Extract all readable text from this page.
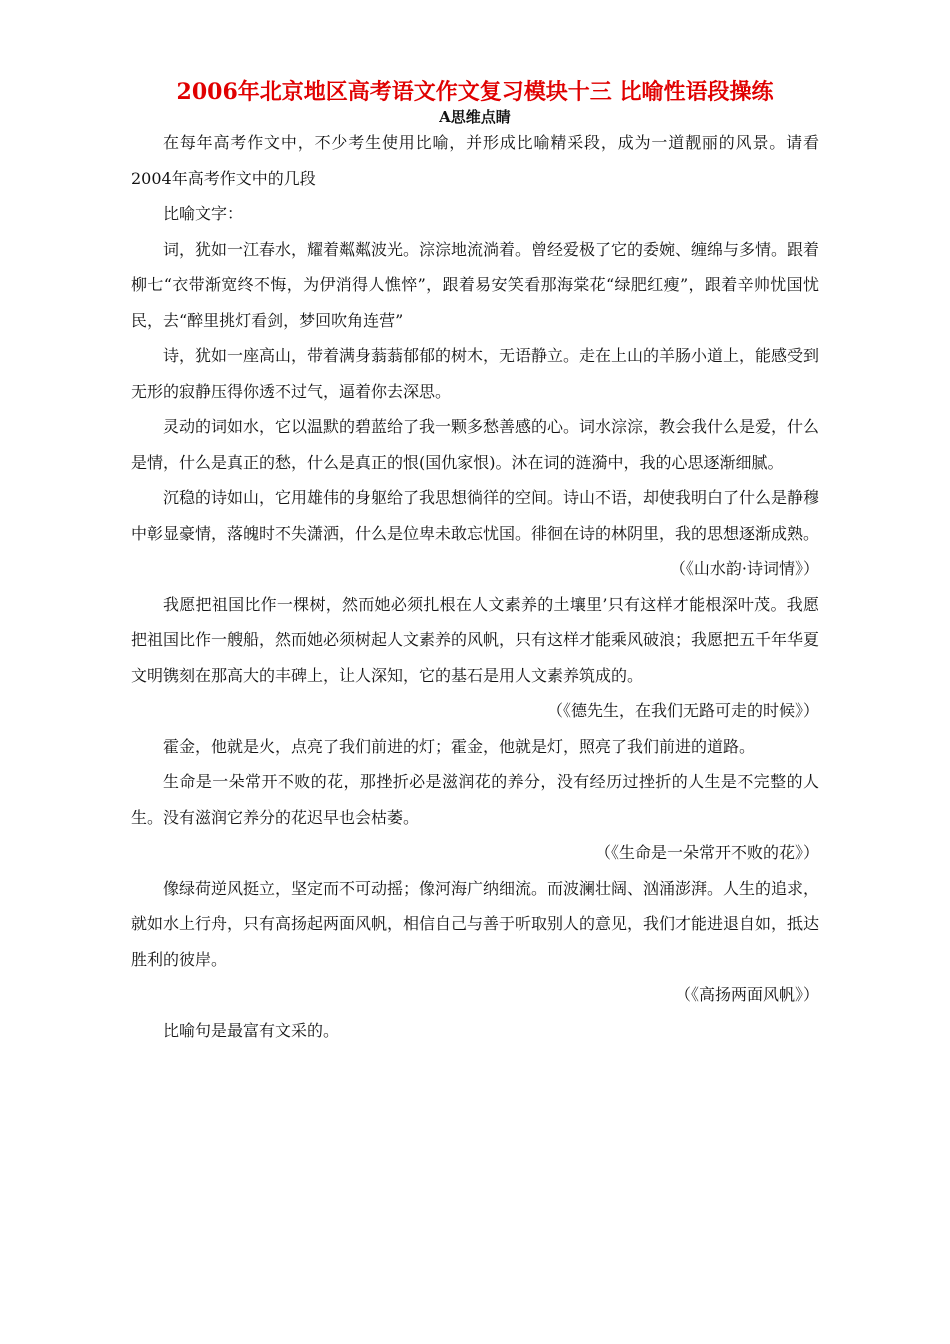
2006年北京地区高考语文作文复习模块十三 比喻性语段操练
A思维点睛

在每年高考作文中，不少考生使用比喻，并形成比喻精采段，成为一道靓丽的风景。请看2004年高考作文中的几段

比喻文字：

词，犹如一江春水，耀着粼粼波光。淙淙地流淌着。曾经爱极了它的委婉、缠绵与多情。跟着柳七“衣带渐宽终不悔，为伊消得人憔悴”，跟着易安笑看那海棠花“绿肥红瘦”，跟着辛帅忧国忧民，去“醉里挑灯看剑，梦回吹角连营”

诗，犹如一座高山，带着满身蓊蓊郁郁的树木，无语静立。走在上山的羊肠小道上，能感受到无形的寂静压得你透不过气，逼着你去深思。

灵动的词如水，它以温默的碧蓝给了我一颗多愁善感的心。词水淙淙，教会我什么是爱，什么是情，什么是真正的愁，什么是真正的恨(国仇家恨)。沐在词的涟漪中，我的心思逐渐细腻。

沉稳的诗如山，它用雄伟的身躯给了我思想徜徉的空间。诗山不语，却使我明白了什么是静穆中彰显豪情，落魄时不失潇洒，什么是位卑未敢忘忧国。徘徊在诗的林阴里，我的思想逐渐成熟。

（《山水韵·诗词情》）

我愿把祖国比作一棵树，然而她必须扎根在人文素养的土壤里’只有这样才能根深叶茂。我愿把祖国比作一艘船，然而她必须树起人文素养的风帆，只有这样才能乘风破浪；我愿把五千年华夏文明镌刻在那高大的丰碑上，让人深知，它的基石是用人文素养筑成的。

（《德先生，在我们无路可走的时候》）

霍金，他就是火，点亮了我们前进的灯；霍金，他就是灯，照亮了我们前进的道路。

生命是一朵常开不败的花，那挫折必是滋润花的养分，没有经历过挫折的人生是不完整的人生。没有滋润它养分的花迟早也会枯萎。

（《生命是一朵常开不败的花》）

像绿荷逆风挺立，坚定而不可动摇；像河海广纳细流。而波澜壮阔、汹涌澎湃。人生的追求，就如水上行舟，只有高扬起两面风帆，相信自己与善于听取别人的意见，我们才能进退自如，抵达胜利的彼岸。

（《高扬两面风帆》）

比喻句是最富有文采的。
